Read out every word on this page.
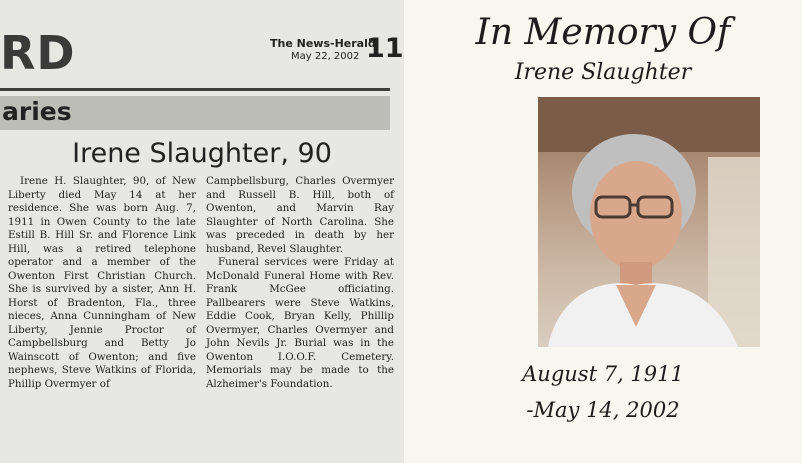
RD	The News-Herald
May 22, 2002 11
aries
Irene Slaughter, 90

Irene H. Slaughter, 90, of New Liberty died May 14 at her residence. She was born Aug. 7, 1911 in Owen County to the late Estill B. Hill Sr. and Florence Link Hill, was a retired telephone operator and a member of the Owenton First Christian Church. She is survived by a sister, Ann H. Horst of Bradenton, Fla., three nieces, Anna Cunningham of New Liberty, Jennie Proctor of Campbellsburg and Betty Jo Wainscott of Owenton; and five nephews, Steve Watkins of Florida, Phillip Overmyer of

Campbellsburg, Charles Overmyer and Russell B. Hill, both of Owenton, and Marvin Ray Slaughter of North Carolina. She was preceded in death by her husband, Revel Slaughter.

Funeral services were Friday at McDonald Funeral Home with Rev. Frank McGee officiating. Pallbearers were Steve Watkins, Eddie Cook, Bryan Kelly, Phillip Overmyer, Charles Overmyer and John Nevils Jr. Burial was in the Owenton I.O.O.F. Cemetery. Memorials may be made to the Alzheimer's Foundation.

In Memory Of
Irene Slaughter
August 7, 1911
-May 14, 2002
